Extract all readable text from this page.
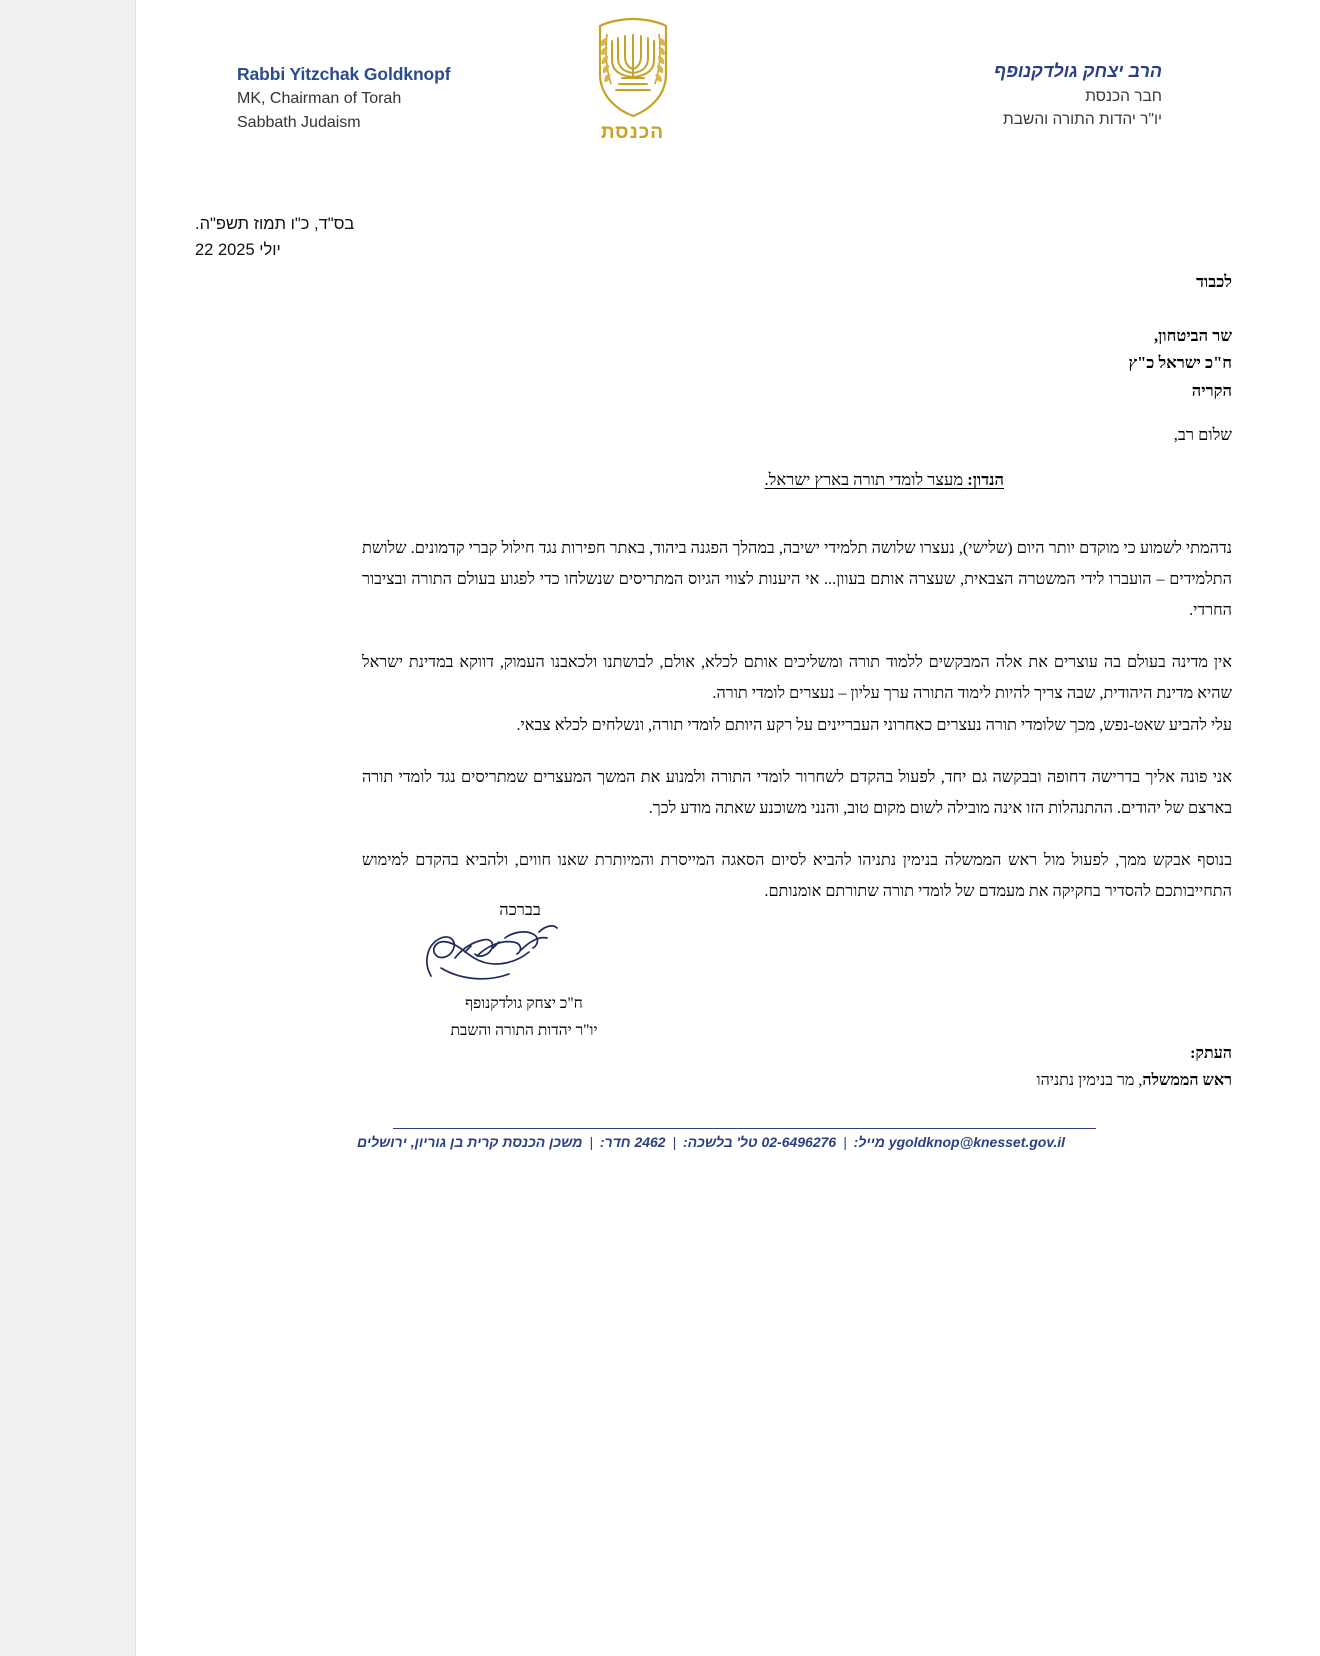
Rabbi Yitzchak Goldknopf
MK, Chairman of Torah
Sabbath Judaism	הכנסת
הרב יצחק גולדקנופף
חבר הכנסת
יו"ר יהדות התורה והשבת
בס"ד, כ"ו תמוז תשפ"ה.
22 יולי 2025
לכבוד
שר הביטחון,
ח"כ ישראל כ"ץ
הקריה
שלום רב,
הנדון: מעצר לומדי תורה בארץ ישראל.

נדהמתי לשמוע כי מוקדם יותר היום (שלישי), נעצרו שלושה תלמידי ישיבה, במהלך הפגנה ביהוד, באתר חפירות נגד חילול קברי קדמונים. שלושת התלמידים – הועברו לידי המשטרה הצבאית, שעצרה אותם בעוון... אי היענות לצווי הגיוס המתריסים שנשלחו כדי לפגוע בעולם התורה ובציבור החרדי.

אין מדינה בעולם בה עוצרים את אלה המבקשים ללמוד תורה ומשליכים אותם לכלא, אולם, לבושתנו ולכאבנו העמוק, דווקא במדינת ישראל שהיא מדינת היהודית, שבה צריך להיות לימוד התורה ערך עליון – נעצרים לומדי תורה.
עלי להביע שאט-נפש, מכך שלומדי תורה נעצרים כאחרוני העבריינים על רקע היותם לומדי תורה, ונשלחים לכלא צבאי.

אני פונה אליך בדרישה דחופה ובבקשה גם יחד, לפעול בהקדם לשחרור לומדי התורה ולמנוע את המשך המעצרים שמתריסים נגד לומדי תורה בארצם של יהודים. ההתנהלות הזו אינה מובילה לשום מקום טוב, והנני משוכנע שאתה מודע לכך.

בנוסף אבקש ממך, לפעול מול ראש הממשלה בנימין נתניהו להביא לסיום הסאגה המייסרת והמיותרת שאנו חווים, ולהביא בהקדם למימוש התחייבותכם להסדיר בחקיקה את מעמדם של לומדי תורה שתורתם אומנותם.

בברכה
ח"כ יצחק גולדקנופף
יו"ר יהדות התורה והשבת
העתק:
ראש הממשלה, מר בנימין נתניהו
ygoldknop@knesset.gov.il מייל: | 02-6496276 טל' בלשכה: | 2462 חדר: | משכן הכנסת קרית בן גוריון, ירושלים
